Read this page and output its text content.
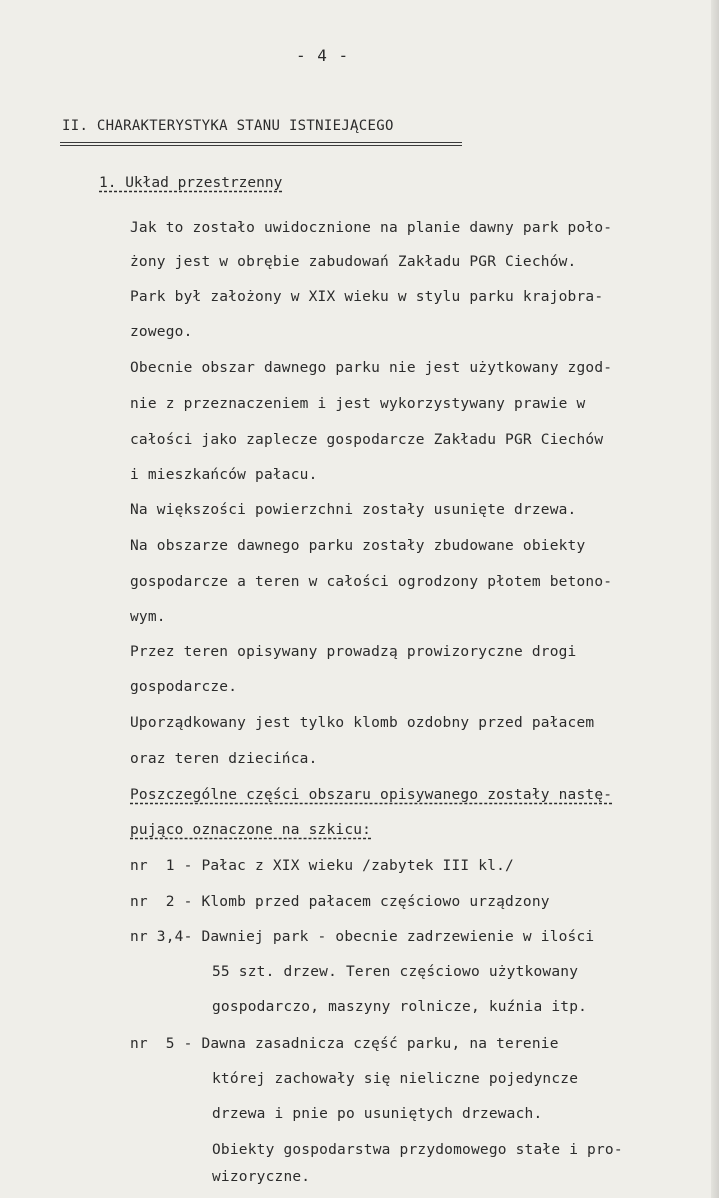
- 4 -
II. CHARAKTERYSTYKA STANU ISTNIEJĄCEGO
1. Układ przestrzenny
Jak to zostało uwidocznione na planie dawny park poło-
żony jest w obrębie zabudowań Zakładu PGR Ciechów.
Park był założony w XIX wieku w stylu parku krajobra-
zowego.
Obecnie obszar dawnego parku nie jest użytkowany zgod-
nie z przeznaczeniem i jest wykorzystywany prawie w
całości jako zaplecze gospodarcze Zakładu PGR Ciechów
i mieszkańców pałacu.
Na większości powierzchni zostały usunięte drzewa.
Na obszarze dawnego parku zostały zbudowane obiekty
gospodarcze a teren w całości ogrodzony płotem betono-
wym.
Przez teren opisywany prowadzą prowizoryczne drogi
gospodarcze.
Uporządkowany jest tylko klomb ozdobny przed pałacem
oraz teren dziecińca.
Poszczególne części obszaru opisywanego zostały nastę-
pująco oznaczone na szkicu:
nr  1 - Pałac z XIX wieku /zabytek III kl./
nr  2 - Klomb przed pałacem częściowo urządzony
nr 3,4- Dawniej park - obecnie zadrzewienie w ilości
55 szt. drzew. Teren częściowo użytkowany
gospodarczo, maszyny rolnicze, kuźnia itp.
nr  5 - Dawna zasadnicza część parku, na terenie
której zachowały się nieliczne pojedyncze
drzewa i pnie po usuniętych drzewach.
Obiekty gospodarstwa przydomowego stałe i pro-
wizoryczne.
